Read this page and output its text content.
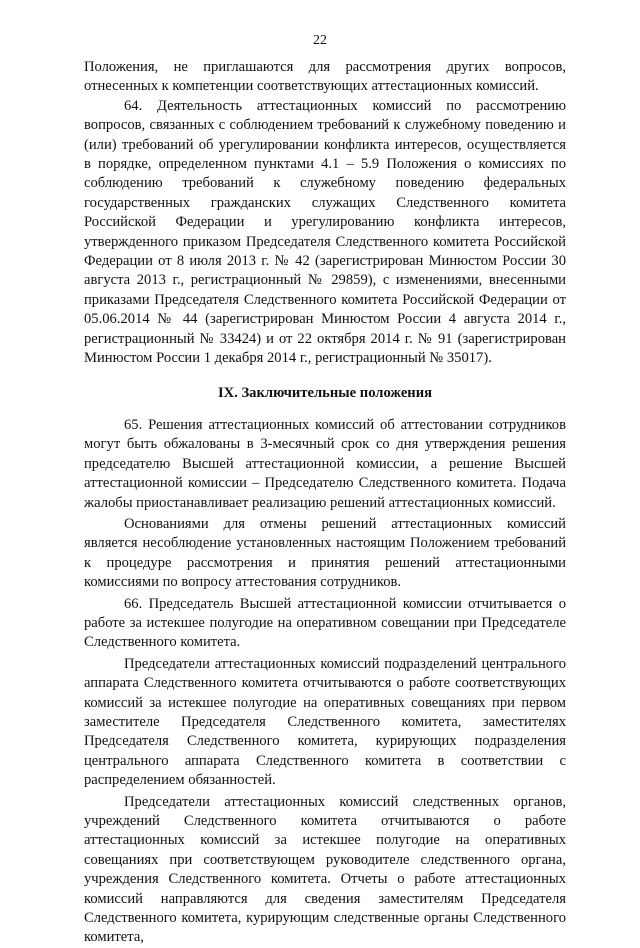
22

Положения, не приглашаются для рассмотрения других вопросов, отнесенных к компетенции соответствующих аттестационных комиссий.

64. Деятельность аттестационных комиссий по рассмотрению вопросов, связанных с соблюдением требований к служебному поведению и (или) требований об урегулировании конфликта интересов, осуществляется в порядке, определенном пунктами 4.1 – 5.9 Положения о комиссиях по соблюдению требований к служебному поведению федеральных государственных гражданских служащих Следственного комитета Российской Федерации и урегулированию конфликта интересов, утвержденного приказом Председателя Следственного комитета Российской Федерации от 8 июля 2013 г. № 42 (зарегистрирован Минюстом России 30 августа 2013 г., регистрационный № 29859), с изменениями, внесенными приказами Председателя Следственного комитета Российской Федерации от 05.06.2014 № 44 (зарегистрирован Минюстом России 4 августа 2014 г., регистрационный № 33424) и от 22 октября 2014 г. № 91 (зарегистрирован Минюстом России 1 декабря 2014 г., регистрационный № 35017).

IX. Заключительные положения

65. Решения аттестационных комиссий об аттестовании сотрудников могут быть обжалованы в 3-месячный срок со дня утверждения решения председателю Высшей аттестационной комиссии, а решение Высшей аттестационной комиссии – Председателю Следственного комитета. Подача жалобы приостанавливает реализацию решений аттестационных комиссий.

Основаниями для отмены решений аттестационных комиссий является несоблюдение установленных настоящим Положением требований к процедуре рассмотрения и принятия решений аттестационными комиссиями по вопросу аттестования сотрудников.

66. Председатель Высшей аттестационной комиссии отчитывается о работе за истекшее полугодие на оперативном совещании при Председателе Следственного комитета.

Председатели аттестационных комиссий подразделений центрального аппарата Следственного комитета отчитываются о работе соответствующих комиссий за истекшее полугодие на оперативных совещаниях при первом заместителе Председателя Следственного комитета, заместителях Председателя Следственного комитета, курирующих подразделения центрального аппарата Следственного комитета в соответствии с распределением обязанностей.

Председатели аттестационных комиссий следственных органов, учреждений Следственного комитета отчитываются о работе аттестационных комиссий за истекшее полугодие на оперативных совещаниях при соответствующем руководителе следственного органа, учреждения Следственного комитета. Отчеты о работе аттестационных комиссий направляются для сведения заместителям Председателя Следственного комитета, курирующим следственные органы Следственного комитета,
